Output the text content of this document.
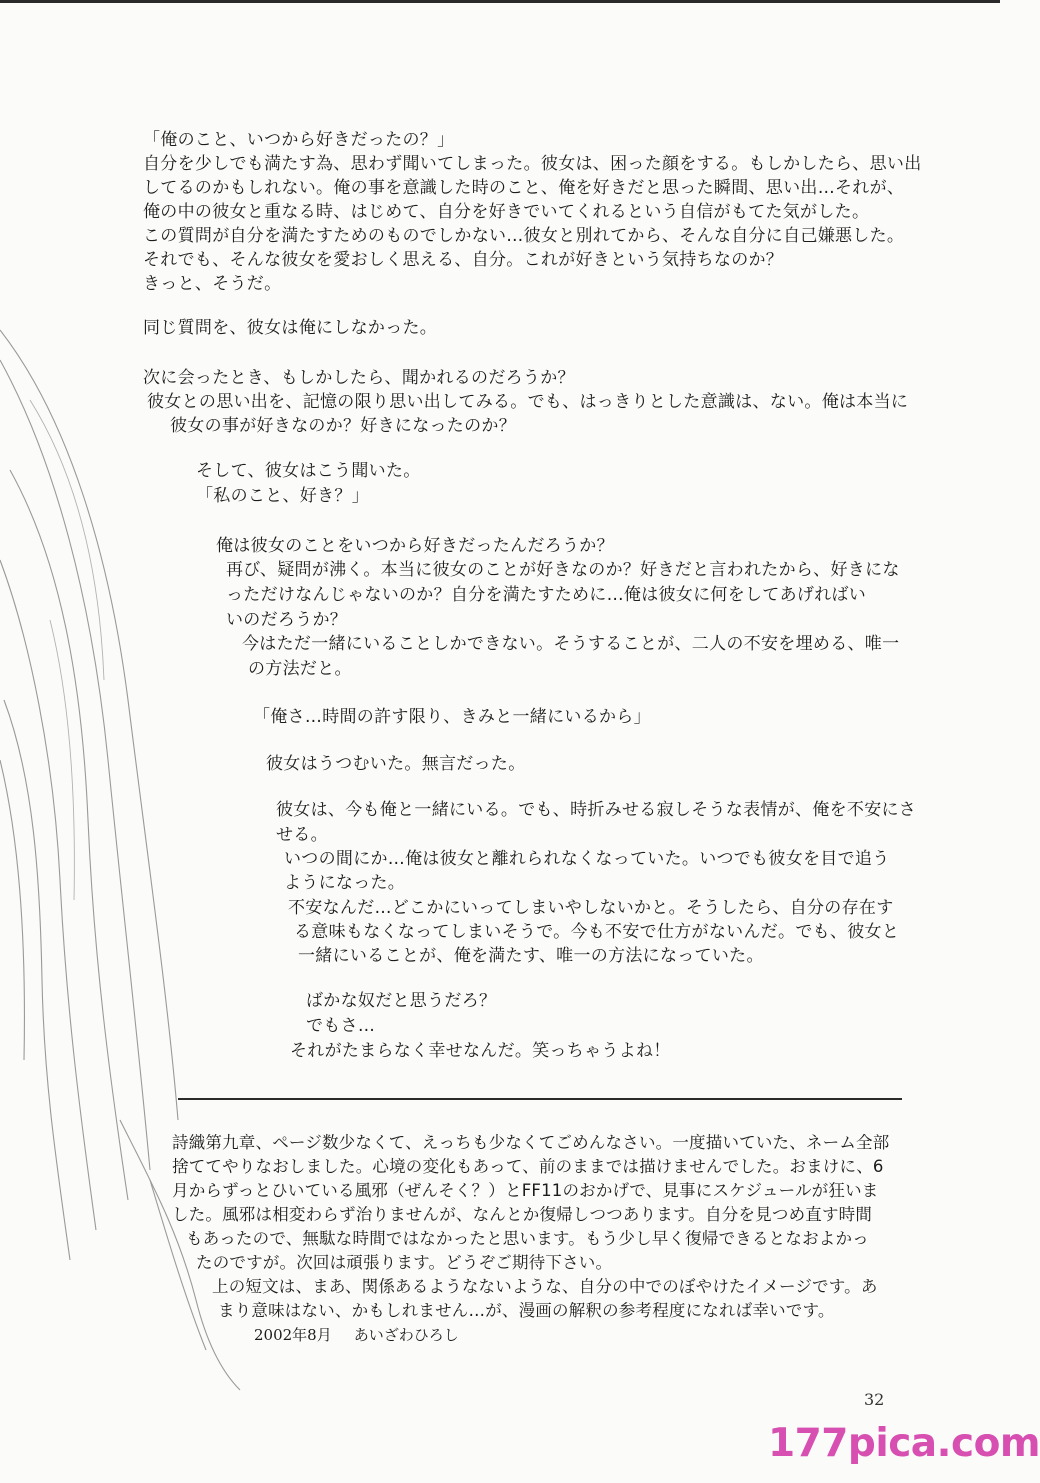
「俺のこと、いつから好きだったの？」
自分を少しでも満たす為、思わず聞いてしまった。彼女は、困った顔をする。もしかしたら、思い出
してるのかもしれない。俺の事を意識した時のこと、俺を好きだと思った瞬間、思い出…それが、
俺の中の彼女と重なる時、はじめて、自分を好きでいてくれるという自信がもてた気がした。
この質問が自分を満たすためのものでしかない…彼女と別れてから、そんな自分に自己嫌悪した。
それでも、そんな彼女を愛おしく思える、自分。これが好きという気持ちなのか？
きっと、そうだ。
同じ質問を、彼女は俺にしなかった。
次に会ったとき、もしかしたら、聞かれるのだろうか？
彼女との思い出を、記憶の限り思い出してみる。でも、はっきりとした意識は、ない。俺は本当に
彼女の事が好きなのか？好きになったのか？
そして、彼女はこう聞いた。
「私のこと、好き？」
俺は彼女のことをいつから好きだったんだろうか？
再び、疑問が沸く。本当に彼女のことが好きなのか？好きだと言われたから、好きにな
っただけなんじゃないのか？自分を満たすために…俺は彼女に何をしてあげればい
いのだろうか？
今はただ一緒にいることしかできない。そうすることが、二人の不安を埋める、唯一
の方法だと。
「俺さ…時間の許す限り、きみと一緒にいるから」
彼女はうつむいた。無言だった。
彼女は、今も俺と一緒にいる。でも、時折みせる寂しそうな表情が、俺を不安にさ
せる。
いつの間にか…俺は彼女と離れられなくなっていた。いつでも彼女を目で追う
ようになった。
不安なんだ…どこかにいってしまいやしないかと。そうしたら、自分の存在す
る意味もなくなってしまいそうで。今も不安で仕方がないんだ。でも、彼女と
一緒にいることが、俺を満たす、唯一の方法になっていた。
ばかな奴だと思うだろ？
でもさ…
それがたまらなく幸せなんだ。笑っちゃうよね！
詩織第九章、ページ数少なくて、えっちも少なくてごめんなさい。一度描いていた、ネーム全部
捨ててやりなおしました。心境の変化もあって、前のままでは描けませんでした。おまけに、6
月からずっとひいている風邪（ぜんそく？）とFF11のおかげで、見事にスケジュールが狂いま
した。風邪は相変わらず治りませんが、なんとか復帰しつつあります。自分を見つめ直す時間
もあったので、無駄な時間ではなかったと思います。もう少し早く復帰できるとなおよかっ
たのですが。次回は頑張ります。どうぞご期待下さい。
上の短文は、まあ、関係あるようなないような、自分の中でのぼやけたイメージです。あ
まり意味はない、かもしれません…が、漫画の解釈の参考程度になれば幸いです。
2002年8月 あいざわひろし
32
177pica.com
